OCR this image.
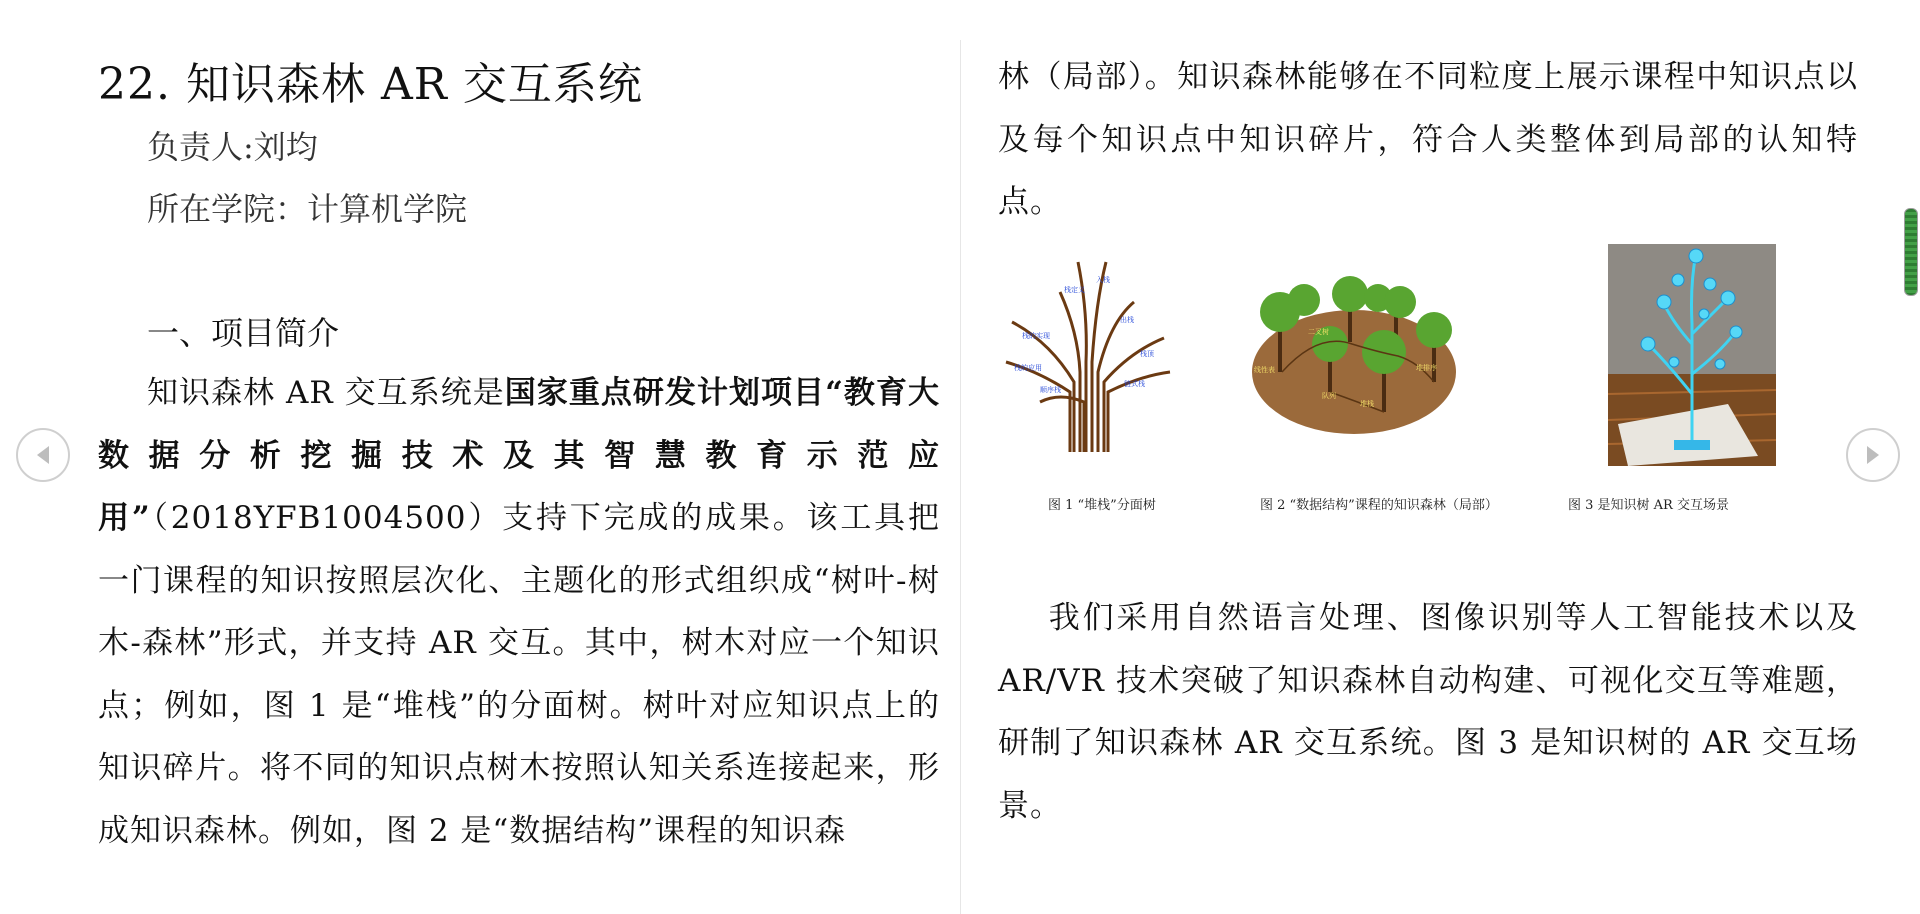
22. 知识森林 AR 交互系统
负责人:刘均
所在学院：计算机学院
一、项目简介
知识森林 AR 交互系统是国家重点研发计划项目“教育大数据分析挖掘技术及其智慧教育示范应用”（2018YFB1004500）支持下完成的成果。该工具把一门课程的知识按照层次化、主题化的形式组织成“树叶-树木-森林”形式，并支持 AR 交互。其中，树木对应一个知识点；例如，图 1 是“堆栈”的分面树。树叶对应知识点上的知识碎片。将不同的知识点树木按照认知关系连接起来，形成知识森林。例如，图 2 是“数据结构”课程的知识森
林（局部）。知识森林能够在不同粒度上展示课程中知识点以及每个知识点中知识碎片，符合人类整体到局部的认知特点。
栈定义
入栈
栈的实现
出栈
栈的应用
栈顶
顺序栈
链式栈
二叉树
线性表	堆排序
队列
堆栈
图 1 “堆栈”分面树	图 2 “数据结构”课程的知识森林（局部）	图 3 是知识树 AR 交互场景
我们采用自然语言处理、图像识别等人工智能技术以及 AR/VR 技术突破了知识森林自动构建、可视化交互等难题，研制了知识森林 AR 交互系统。图 3 是知识树的 AR 交互场景。
